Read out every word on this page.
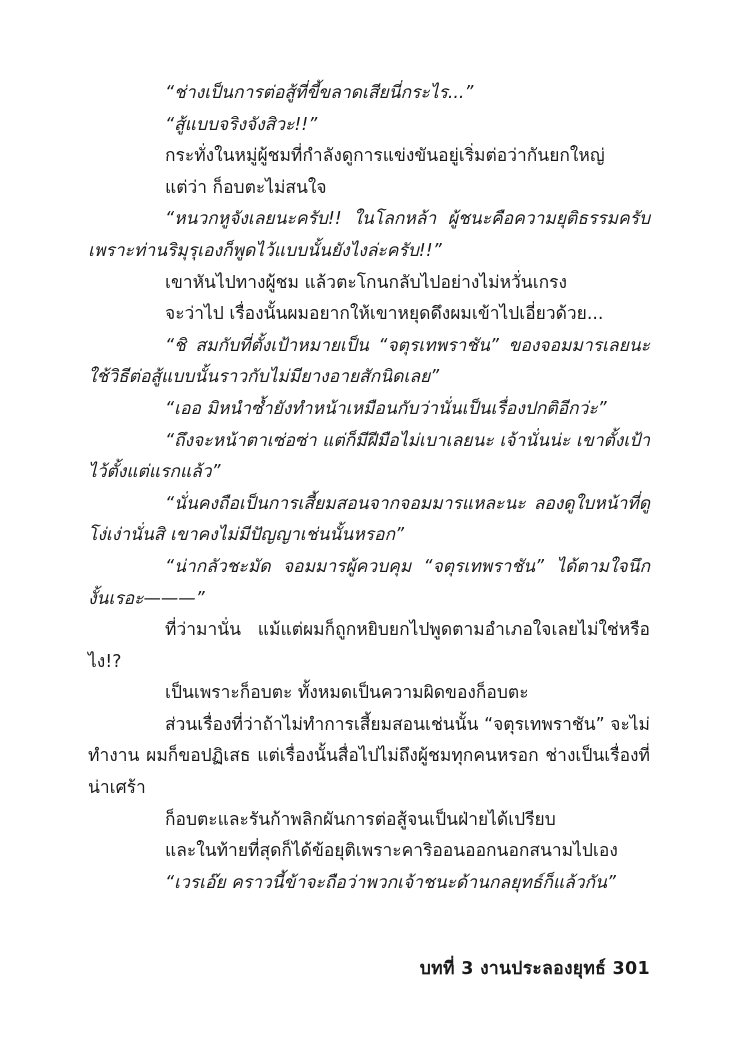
“ช่างเป็นการต่อสู้ที่ขี้ขลาดเสียนี่กระไร...”

“สู้แบบจริงจังสิวะ!!”

กระทั่งในหมู่ผู้ชมที่กำลังดูการแข่งขันอยู่เริ่มต่อว่ากันยกใหญ่

แต่ว่า ก็อบตะไม่สนใจ

“หนวกหูจังเลยนะครับ!! ในโลกหล้า ผู้ชนะคือความยุติธรรมครับ เพราะท่านริมุรุเองก็พูดไว้แบบนั้นยังไงล่ะครับ!!”

เขาหันไปทางผู้ชม แล้วตะโกนกลับไปอย่างไม่หวั่นเกรง

จะว่าไป เรื่องนั้นผมอยากให้เขาหยุดดึงผมเข้าไปเอี่ยวด้วย...

“ชิ สมกับที่ตั้งเป้าหมายเป็น “จตุรเทพราชัน” ของจอมมารเลยนะ ใช้วิธีต่อสู้แบบนั้นราวกับไม่มียางอายสักนิดเลย”

“เออ มิหนำซ้ำยังทำหน้าเหมือนกับว่านั่นเป็นเรื่องปกติอีกว่ะ”

“ถึงจะหน้าตาเซ่อซ่า แต่ก็มีฝีมือไม่เบาเลยนะ เจ้านั่นน่ะ เขาตั้งเป้าไว้ตั้งแต่แรกแล้ว”

“นั่นคงถือเป็นการเสี้ยมสอนจากจอมมารแหละนะ ลองดูใบหน้าที่ดูโง่เง่านั่นสิ เขาคงไม่มีปัญญาเช่นนั้นหรอก”

“น่ากลัวชะมัด จอมมารผู้ควบคุม “จตุรเทพราชัน” ได้ตามใจนึกงั้นเรอะ———”

ที่ว่ามานั่น แม้แต่ผมก็ถูกหยิบยกไปพูดตามอำเภอใจเลยไม่ใช่หรือไง!?

เป็นเพราะก็อบตะ ทั้งหมดเป็นความผิดของก็อบตะ

ส่วนเรื่องที่ว่าถ้าไม่ทำการเสี้ยมสอนเช่นนั้น “จตุรเทพราชัน” จะไม่ทำงาน ผมก็ขอปฏิเสธ แต่เรื่องนั้นสื่อไปไม่ถึงผู้ชมทุกคนหรอก ช่างเป็นเรื่องที่น่าเศร้า

ก็อบตะและรันก้าพลิกผันการต่อสู้จนเป็นฝ่ายได้เปรียบ

และในท้ายที่สุดก็ได้ข้อยุติเพราะคาริออนออกนอกสนามไปเอง

“เวรเอ๊ย คราวนี้ข้าจะถือว่าพวกเจ้าชนะด้านกลยุทธ์ก็แล้วกัน”

บทที่ 3 งานประลองยุทธ์ 301
